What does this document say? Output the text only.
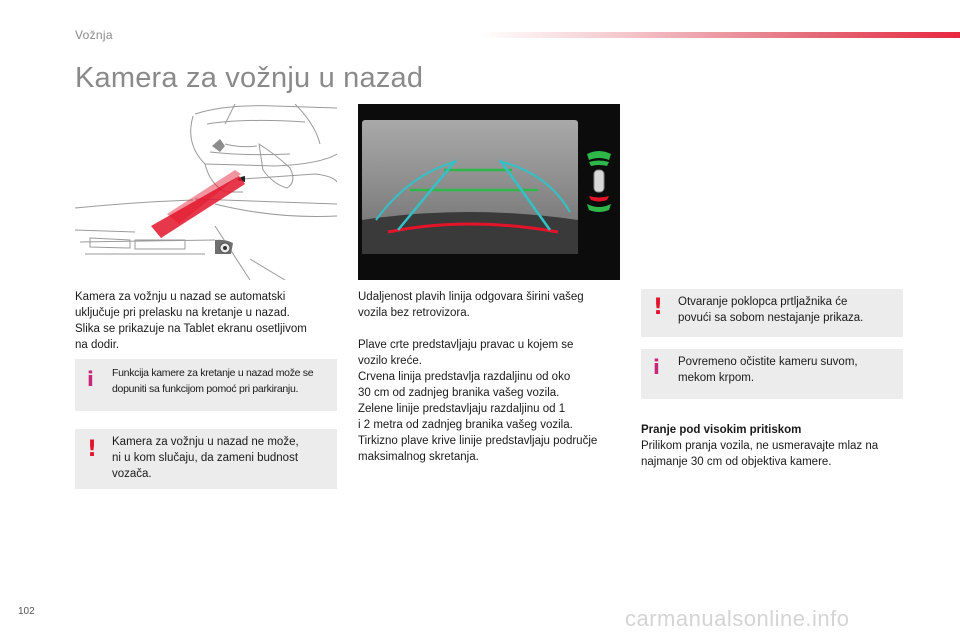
Vožnja
Kamera za vožnju u nazad

Kamera za vožnju u nazad se automatski

uključuje pri prelasku na kretanje u nazad.

Slika se prikazuje na Tablet ekranu osetljivom

na dodir.

i Funkcija kamere za kretanje u nazad može se

dopuniti sa funkcijom pomoć pri parkiranju.

! Kamera za vožnju u nazad ne može,

ni u kom slučaju, da zameni budnost

vozača.

Udaljenost plavih linija odgovara širini vašeg

vozila bez retrovizora.

Plave crte predstavljaju pravac u kojem se

vozilo kreće.

Crvena linija predstavlja razdaljinu od oko

30 cm od zadnjeg branika vašeg vozila.

Zelene linije predstavljaju razdaljinu od 1

i 2 metra od zadnjeg branika vašeg vozila.

Tirkizno plave krive linije predstavljaju područje

maksimalnog skretanja.

! Otvaranje poklopca prtljažnika će

povući sa sobom nestajanje prikaza.

i Povremeno očistite kameru suvom,

mekom krpom.

Pranje pod visokim pritiskom

Prilikom pranja vozila, ne usmeravajte mlaz na

najmanje 30 cm od objektiva kamere.

102	carmanualsonline.info
